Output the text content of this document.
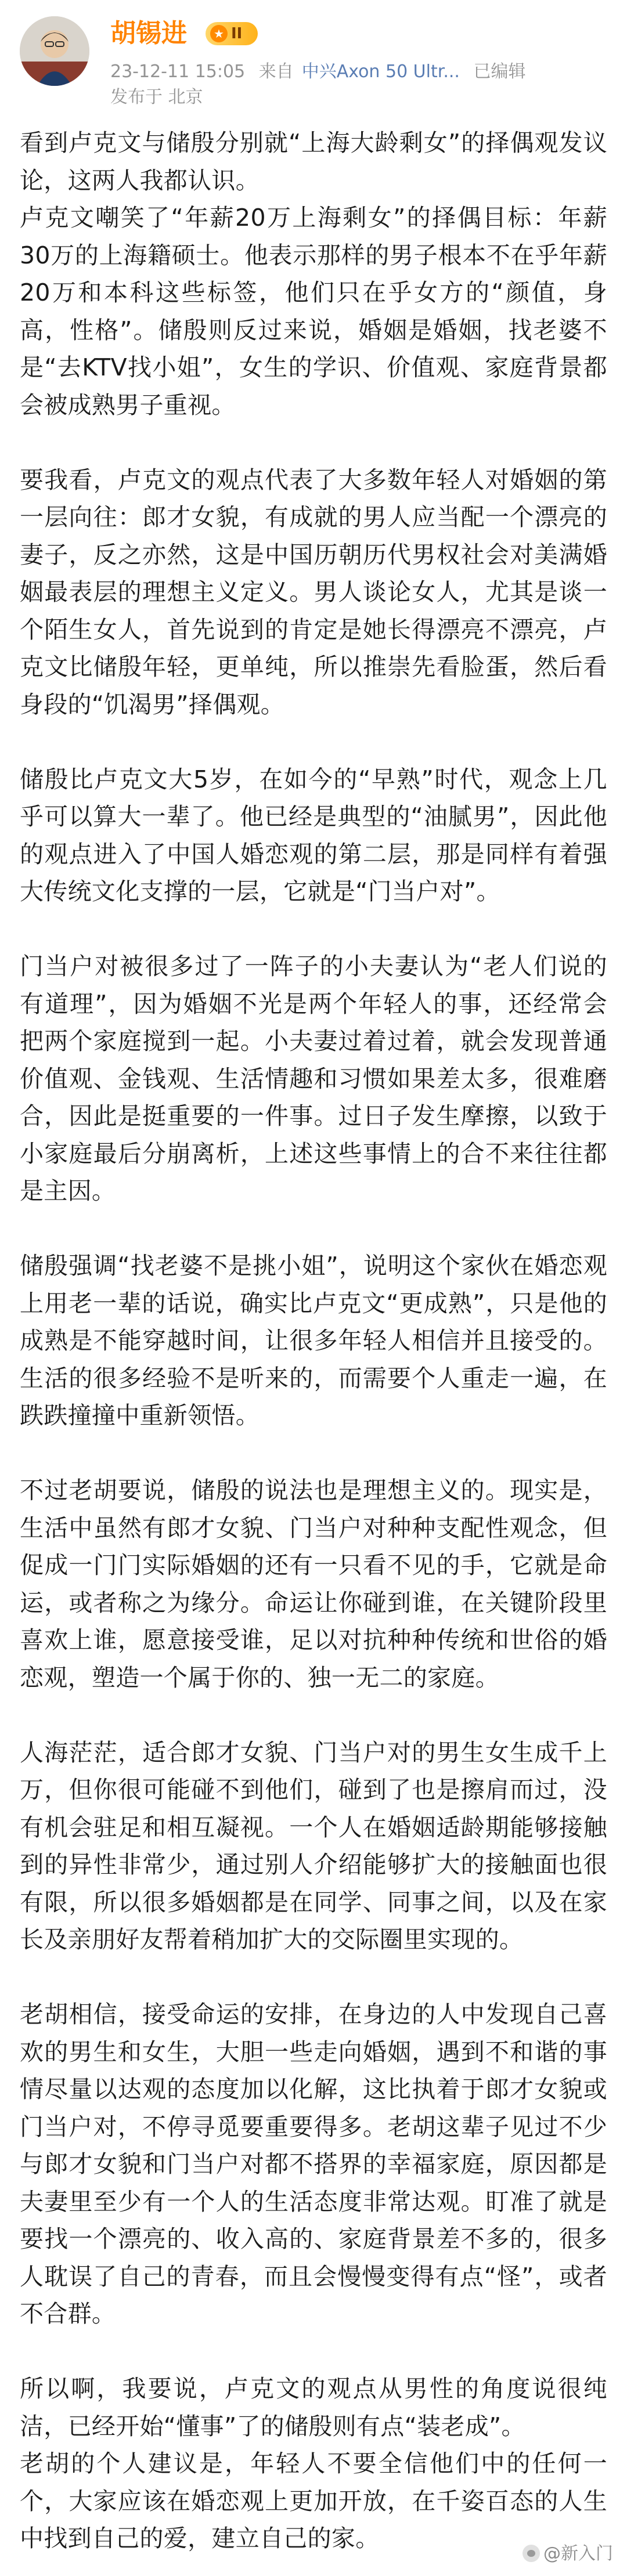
胡锡进	★ II
23-12-11 15:05 来自 中兴Axon 50 Ultr... 已编辑
发布于 北京

看到卢克文与储殷分别就“上海大龄剩女”的择偶观发议论，这两人我都认识。

卢克文嘲笑了“年薪20万上海剩女”的择偶目标：年薪30万的上海籍硕士。他表示那样的男子根本不在乎年薪20万和本科这些标签，他们只在乎女方的“颜值，身高，性格”。储殷则反过来说，婚姻是婚姻，找老婆不是“去KTV找小姐”，女生的学识、价值观、家庭背景都会被成熟男子重视。

要我看，卢克文的观点代表了大多数年轻人对婚姻的第一层向往：郎才女貌，有成就的男人应当配一个漂亮的妻子，反之亦然，这是中国历朝历代男权社会对美满婚姻最表层的理想主义定义。男人谈论女人，尤其是谈一个陌生女人，首先说到的肯定是她长得漂亮不漂亮，卢克文比储殷年轻，更单纯，所以推崇先看脸蛋，然后看身段的“饥渴男”择偶观。

储殷比卢克文大5岁，在如今的“早熟”时代，观念上几乎可以算大一辈了。他已经是典型的“油腻男”，因此他的观点进入了中国人婚恋观的第二层，那是同样有着强大传统文化支撑的一层，它就是“门当户对”。

门当户对被很多过了一阵子的小夫妻认为“老人们说的有道理”，因为婚姻不光是两个年轻人的事，还经常会把两个家庭搅到一起。小夫妻过着过着，就会发现普通价值观、金钱观、生活情趣和习惯如果差太多，很难磨合，因此是挺重要的一件事。过日子发生摩擦，以致于小家庭最后分崩离析，上述这些事情上的合不来往往都是主因。

储殷强调“找老婆不是挑小姐”，说明这个家伙在婚恋观上用老一辈的话说，确实比卢克文“更成熟”，只是他的成熟是不能穿越时间，让很多年轻人相信并且接受的。生活的很多经验不是听来的，而需要个人重走一遍，在跌跌撞撞中重新领悟。

不过老胡要说，储殷的说法也是理想主义的。现实是，生活中虽然有郎才女貌、门当户对种种支配性观念，但促成一门门实际婚姻的还有一只看不见的手，它就是命运，或者称之为缘分。命运让你碰到谁，在关键阶段里喜欢上谁，愿意接受谁，足以对抗种种传统和世俗的婚恋观，塑造一个属于你的、独一无二的家庭。

人海茫茫，适合郎才女貌、门当户对的男生女生成千上万，但你很可能碰不到他们，碰到了也是擦肩而过，没有机会驻足和相互凝视。一个人在婚姻适龄期能够接触到的异性非常少，通过别人介绍能够扩大的接触面也很有限，所以很多婚姻都是在同学、同事之间，以及在家长及亲朋好友帮着稍加扩大的交际圈里实现的。

老胡相信，接受命运的安排，在身边的人中发现自己喜欢的男生和女生，大胆一些走向婚姻，遇到不和谐的事情尽量以达观的态度加以化解，这比执着于郎才女貌或门当户对，不停寻觅要重要得多。老胡这辈子见过不少与郎才女貌和门当户对都不搭界的幸福家庭，原因都是夫妻里至少有一个人的生活态度非常达观。盯准了就是要找一个漂亮的、收入高的、家庭背景差不多的，很多人耽误了自己的青春，而且会慢慢变得有点“怪”，或者不合群。

所以啊，我要说，卢克文的观点从男性的角度说很纯洁，已经开始“懂事”了的储殷则有点“装老成”。

老胡的个人建议是，年轻人不要全信他们中的任何一个，大家应该在婚恋观上更加开放，在千姿百态的人生中找到自己的爱，建立自己的家。

@新入门
